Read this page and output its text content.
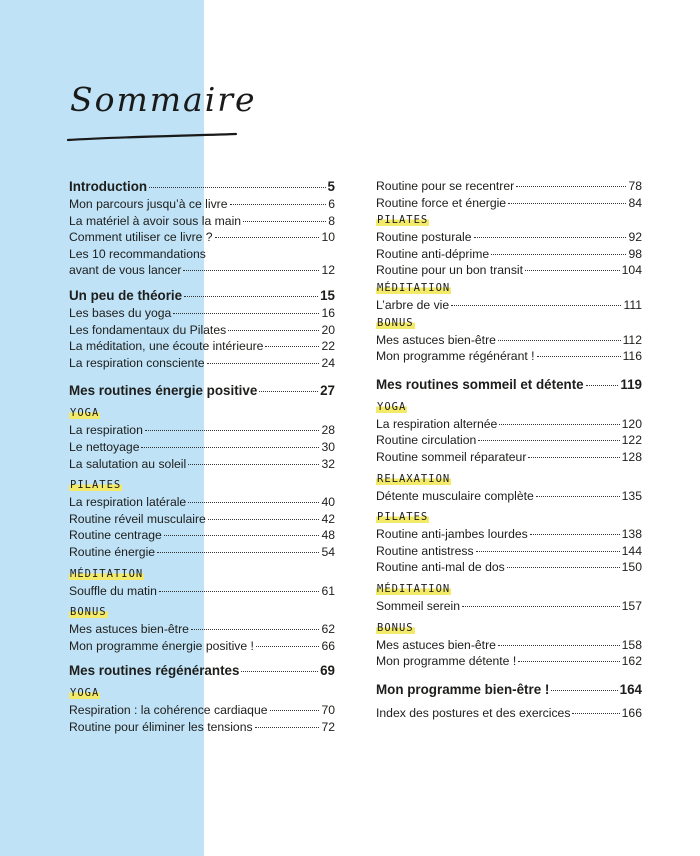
Sommaire
Introduction	5
Mon parcours jusqu’à ce livre	6
La matériel à avoir sous la main	8
Comment utiliser ce livre ?	10
Les 10 recommandations
avant de vous lancer	12
Un peu de théorie	15
Les bases du yoga	16
Les fondamentaux du Pilates	20
La méditation, une écoute intérieure	22
La respiration consciente	24
Mes routines énergie positive	27
YOGA
La respiration	28
Le nettoyage	30
La salutation au soleil	32
PILATES
La respiration latérale	40
Routine réveil musculaire	42
Routine centrage	48
Routine énergie	54
MÉDITATION
Souffle du matin	61
BONUS
Mes astuces bien-être	62
Mon programme énergie positive !	66
Mes routines régénérantes	69
YOGA
Respiration : la cohérence cardiaque	70
Routine pour éliminer les tensions	72
Routine pour se recentrer	78
Routine force et énergie	84
PILATES
Routine posturale	92
Routine anti-déprime	98
Routine pour un bon transit	104
MÉDITATION
L’arbre de vie	111
BONUS
Mes astuces bien-être	112
Mon programme régénérant !	116
Mes routines sommeil et détente	119
YOGA
La respiration alternée	120
Routine circulation	122
Routine sommeil réparateur	128
RELAXATION
Détente musculaire complète	135
PILATES
Routine anti-jambes lourdes	138
Routine antistress	144
Routine anti-mal de dos	150
MÉDITATION
Sommeil serein	157
BONUS
Mes astuces bien-être	158
Mon programme détente !	162
Mon programme bien-être !	164
Index des postures et des exercices	166
